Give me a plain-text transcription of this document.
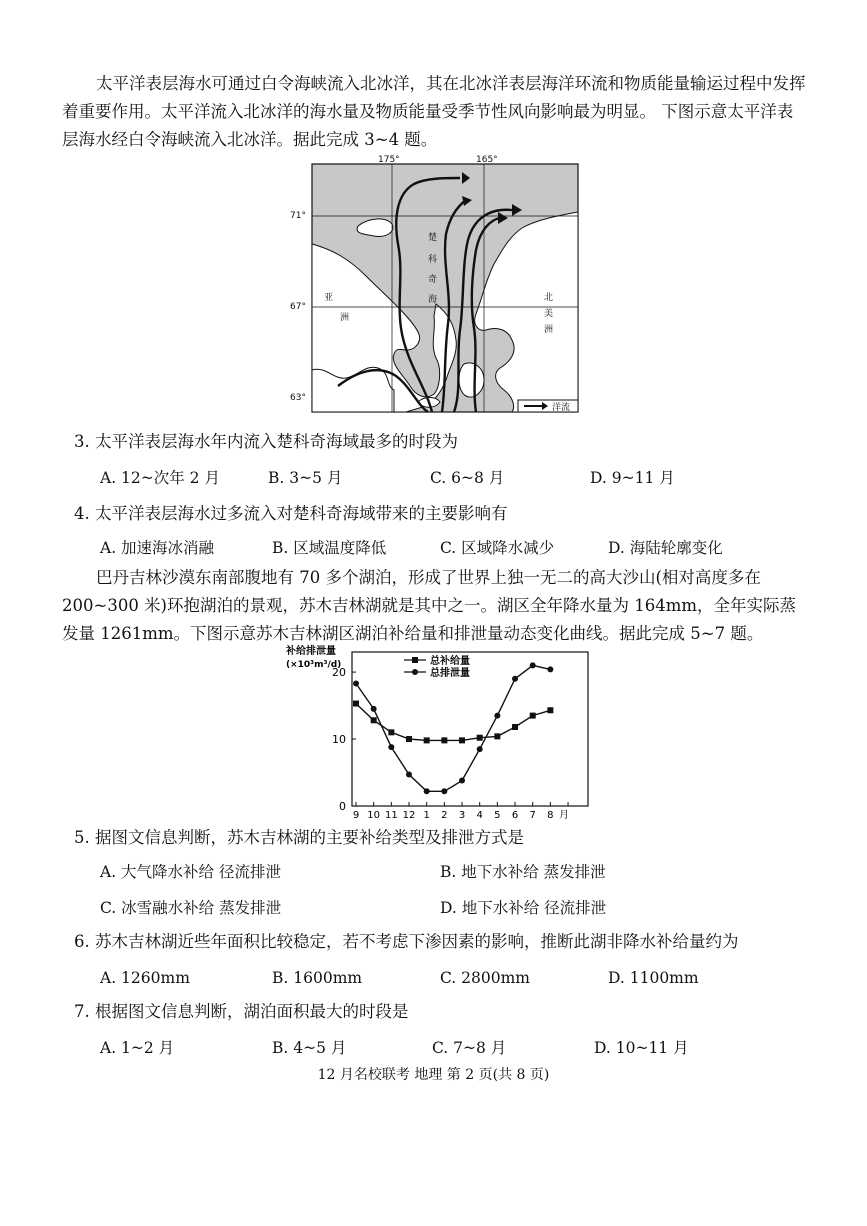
太平洋表层海水可通过白令海峡流入北冰洋，其在北冰洋表层海洋环流和物质能量输运过程中发挥着重要作用。太平洋流入北冰洋的海水量及物质能量受季节性风向影响最为明显。 下图示意太平洋表层海水经白令海峡流入北冰洋。据此完成 3~4 题。
175°	165°
71°
67°
63°
楚
科
奇
海
亚
洲
北
美
洲
洋流
3. 太平洋表层海水年内流入楚科奇海域最多的时段为
A. 12~次年 2 月	B. 3~5 月	C. 6~8 月	D. 9~11 月
4. 太平洋表层海水过多流入对楚科奇海域带来的主要影响有
A. 加速海冰消融	B. 区域温度降低	C. 区域降水减少	D. 海陆轮廓变化
巴丹吉林沙漠东南部腹地有 70 多个湖泊，形成了世界上独一无二的高大沙山(相对高度多在 200~300 米)环抱湖泊的景观，苏木吉林湖就是其中之一。湖区全年降水量为 164mm，全年实际蒸发量 1261mm。下图示意苏木吉林湖区湖泊补给量和排泄量动态变化曲线。据此完成 5~7 题。
补给排泄量
(×10³m³/d)	总补给量
总排泄量
0
10
20
9 10 11 12 1 2 3 4 5 6 7 8 月
5. 据图文信息判断，苏木吉林湖的主要补给类型及排泄方式是
A. 大气降水补给 径流排泄	B. 地下水补给 蒸发排泄
C. 冰雪融水补给 蒸发排泄	D. 地下水补给 径流排泄
6. 苏木吉林湖近些年面积比较稳定，若不考虑下渗因素的影响，推断此湖非降水补给量约为
A. 1260mm	B. 1600mm	C. 2800mm	D. 1100mm
7. 根据图文信息判断，湖泊面积最大的时段是
A. 1~2 月	B. 4~5 月	C. 7~8 月	D. 10~11 月
12 月名校联考 地理 第 2 页(共 8 页)
